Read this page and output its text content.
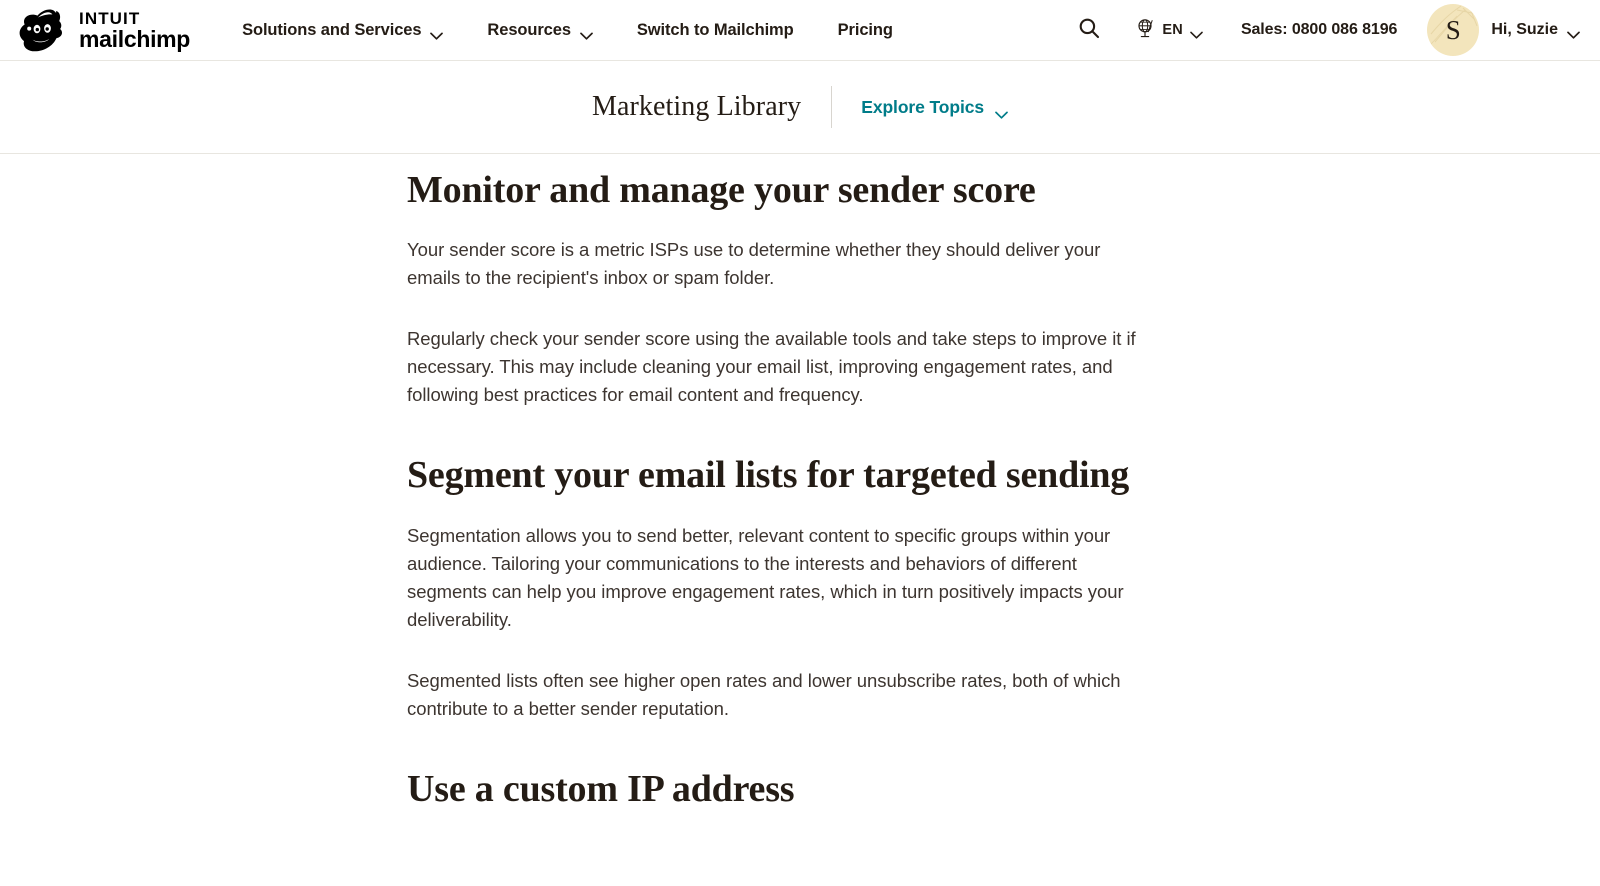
INTUIT
mailchimp	Solutions and Services	Resources	Switch to Mailchimp	Pricing	EN	Sales: 0800 086 8196 S Hi, Suzie
Marketing Library	Explore Topics
Monitor and manage your sender score

Your sender score is a metric ISPs use to determine whether they should deliver your emails to the recipient's inbox or spam folder.

Regularly check your sender score using the available tools and take steps to improve it if necessary. This may include cleaning your email list, improving engagement rates, and following best practices for email content and frequency.

Segment your email lists for targeted sending

Segmentation allows you to send better, relevant content to specific groups within your audience. Tailoring your communications to the interests and behaviors of different segments can help you improve engagement rates, which in turn positively impacts your deliverability.

Segmented lists often see higher open rates and lower unsubscribe rates, both of which contribute to a better sender reputation.

Use a custom IP address
